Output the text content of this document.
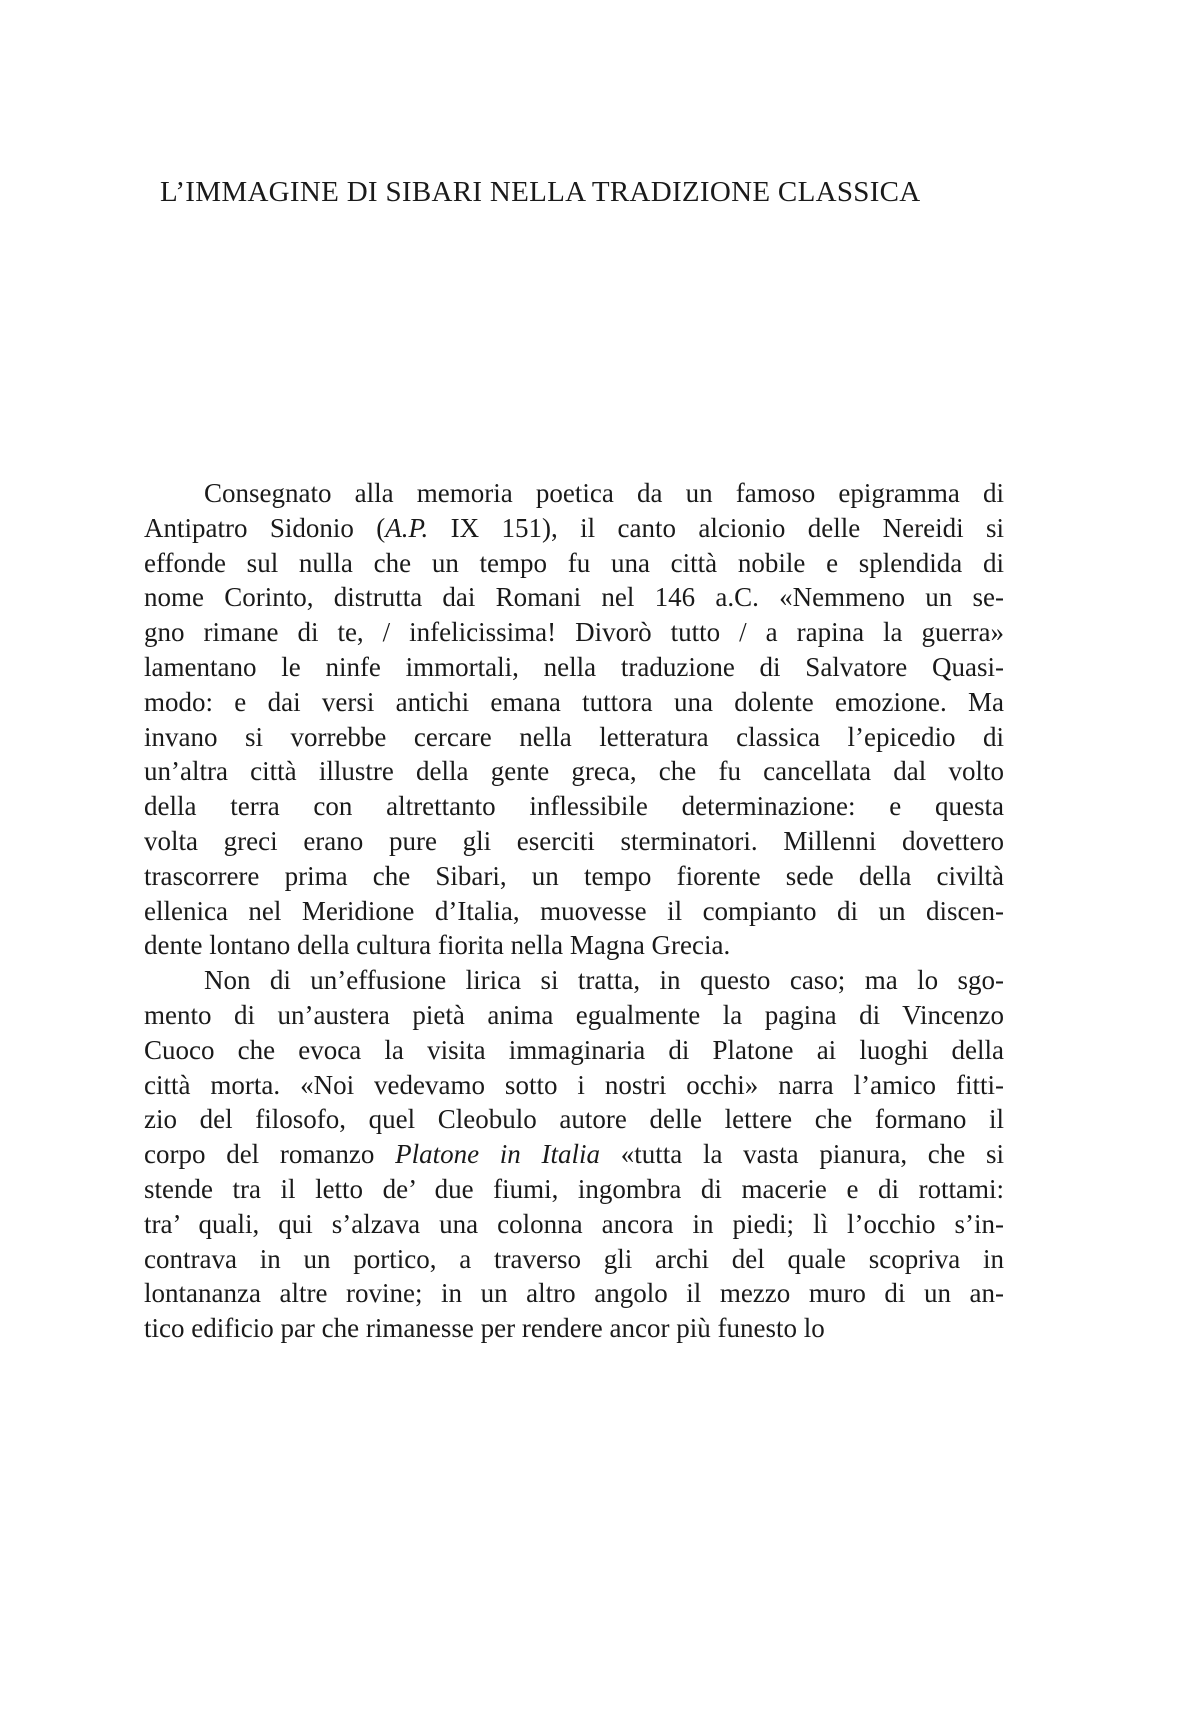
L’IMMAGINE DI SIBARI NELLA TRADIZIONE CLASSICA
Consegnato alla memoria poetica da un famoso epigramma di
Antipatro Sidonio (A.P. IX 151), il canto alcionio delle Nereidi si
effonde sul nulla che un tempo fu una città nobile e splendida di
nome Corinto, distrutta dai Romani nel 146 a.C. «Nemmeno un se-
gno rimane di te, / infelicissima! Divorò tutto / a rapina la guerra»
lamentano le ninfe immortali, nella traduzione di Salvatore Quasi-
modo: e dai versi antichi emana tuttora una dolente emozione. Ma
invano si vorrebbe cercare nella letteratura classica l’epicedio di
un’altra città illustre della gente greca, che fu cancellata dal volto
della terra con altrettanto inflessibile determinazione: e questa
volta greci erano pure gli eserciti sterminatori. Millenni dovettero
trascorrere prima che Sibari, un tempo fiorente sede della civiltà
ellenica nel Meridione d’Italia, muovesse il compianto di un discen-
dente lontano della cultura fiorita nella Magna Grecia.
Non di un’effusione lirica si tratta, in questo caso; ma lo sgo-
mento di un’austera pietà anima egualmente la pagina di Vincenzo
Cuoco che evoca la visita immaginaria di Platone ai luoghi della
città morta. «Noi vedevamo sotto i nostri occhi» narra l’amico fitti-
zio del filosofo, quel Cleobulo autore delle lettere che formano il
corpo del romanzo Platone in Italia «tutta la vasta pianura, che si
stende tra il letto de’ due fiumi, ingombra di macerie e di rottami:
tra’ quali, qui s’alzava una colonna ancora in piedi; lì l’occhio s’in-
contrava in un portico, a traverso gli archi del quale scopriva in
lontananza altre rovine; in un altro angolo il mezzo muro di un an-
tico edificio par che rimanesse per rendere ancor più funesto lo
